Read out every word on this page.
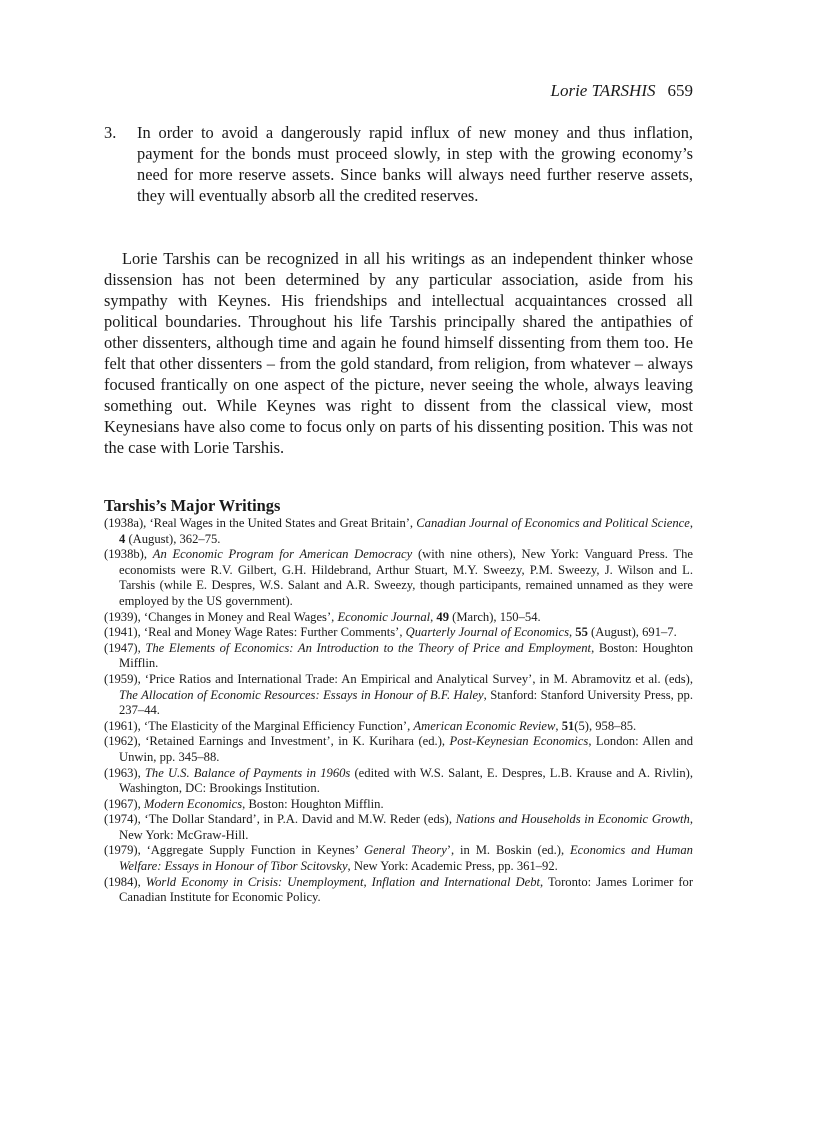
Lorie TARSHIS 659
3. In order to avoid a dangerously rapid influx of new money and thus inflation, payment for the bonds must proceed slowly, in step with the growing economy’s need for more reserve assets. Since banks will always need further reserve assets, they will eventually absorb all the credited reserves.

Lorie Tarshis can be recognized in all his writings as an independent thinker whose dissension has not been determined by any particular association, aside from his sympathy with Keynes. His friendships and intellectual acquaintances crossed all political boundaries. Throughout his life Tarshis principally shared the antipathies of other dissenters, although time and again he found himself dissenting from them too. He felt that other dissenters – from the gold standard, from religion, from whatever – always focused frantically on one aspect of the picture, never seeing the whole, always leaving something out. While Keynes was right to dissent from the classical view, most Keynesians have also come to focus only on parts of his dissenting position. This was not the case with Lorie Tarshis.

Tarshis’s Major Writings
(1938a), ‘Real Wages in the United States and Great Britain’, Canadian Journal of Economics and Political Science, 4 (August), 362–75.
(1938b), An Economic Program for American Democracy (with nine others), New York: Vanguard Press. The economists were R.V. Gilbert, G.H. Hildebrand, Arthur Stuart, M.Y. Sweezy, P.M. Sweezy, J. Wilson and L. Tarshis (while E. Despres, W.S. Salant and A.R. Sweezy, though participants, remained unnamed as they were employed by the US government).
(1939), ‘Changes in Money and Real Wages’, Economic Journal, 49 (March), 150–54.
(1941), ‘Real and Money Wage Rates: Further Comments’, Quarterly Journal of Economics, 55 (August), 691–7.
(1947), The Elements of Economics: An Introduction to the Theory of Price and Employment, Boston: Houghton Mifflin.
(1959), ‘Price Ratios and International Trade: An Empirical and Analytical Survey’, in M. Abramovitz et al. (eds), The Allocation of Economic Resources: Essays in Honour of B.F. Haley, Stanford: Stanford University Press, pp. 237–44.
(1961), ‘The Elasticity of the Marginal Efficiency Function’, American Economic Review, 51(5), 958–85.
(1962), ‘Retained Earnings and Investment’, in K. Kurihara (ed.), Post-Keynesian Economics, London: Allen and Unwin, pp. 345–88.
(1963), The U.S. Balance of Payments in 1960s (edited with W.S. Salant, E. Despres, L.B. Krause and A. Rivlin), Washington, DC: Brookings Institution.
(1967), Modern Economics, Boston: Houghton Mifflin.
(1974), ‘The Dollar Standard’, in P.A. David and M.W. Reder (eds), Nations and Households in Economic Growth, New York: McGraw-Hill.
(1979), ‘Aggregate Supply Function in Keynes’ General Theory’, in M. Boskin (ed.), Economics and Human Welfare: Essays in Honour of Tibor Scitovsky, New York: Academic Press, pp. 361–92.
(1984), World Economy in Crisis: Unemployment, Inflation and International Debt, Toronto: James Lorimer for Canadian Institute for Economic Policy.
